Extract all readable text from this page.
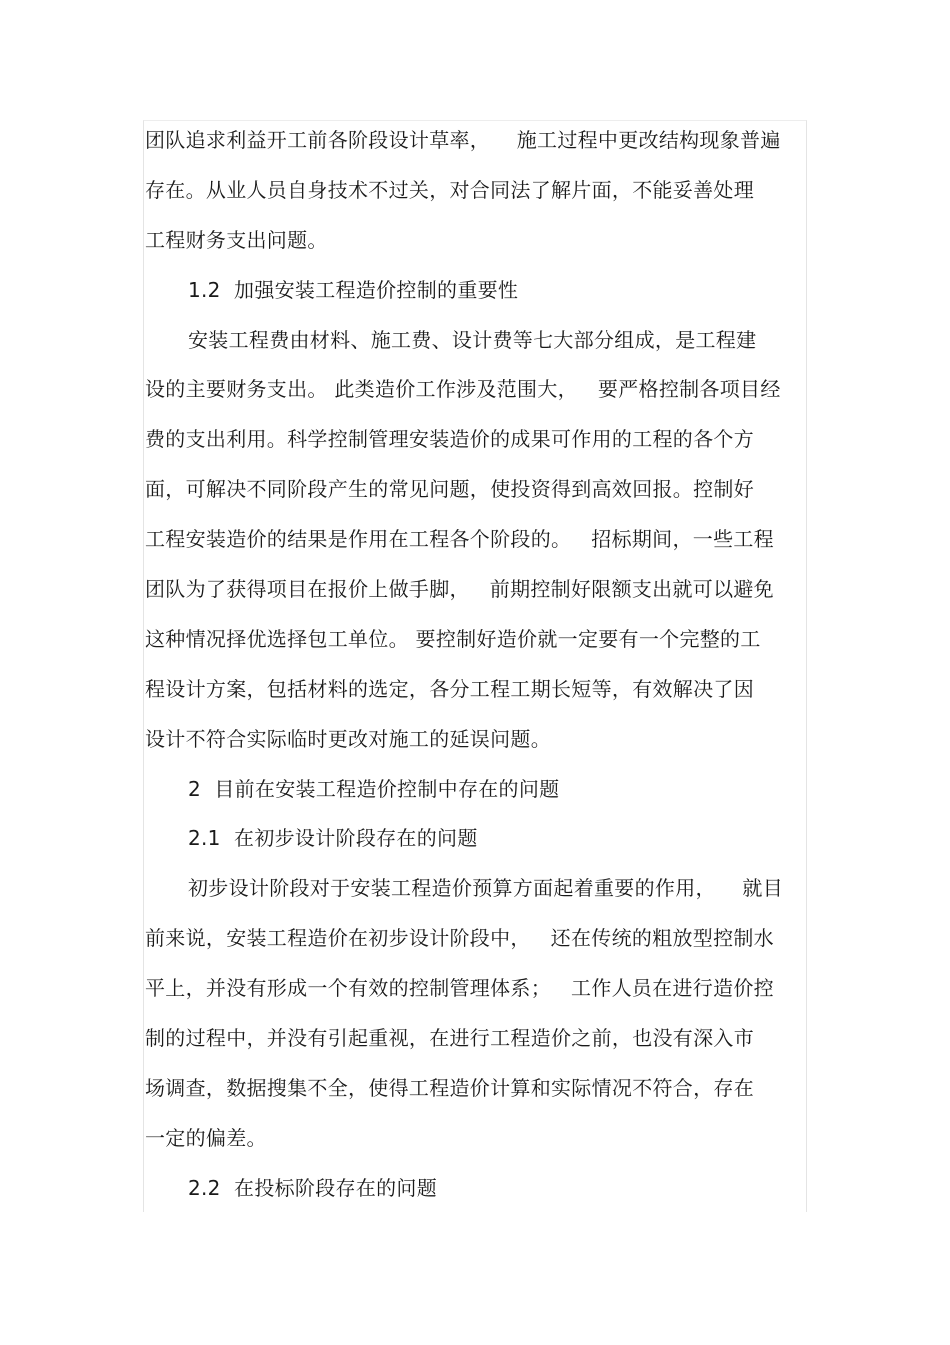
团队追求利益开工前各阶段设计草率，    施工过程中更改结构现象普遍
存在。从业人员自身技术不过关，对合同法了解片面，不能妥善处理
工程财务支出问题。
1.2  加强安装工程造价控制的重要性
安装工程费由材料、施工费、设计费等七大部分组成，是工程建
设的主要财务支出。 此类造价工作涉及范围大，   要严格控制各项目经
费的支出利用。科学控制管理安装造价的成果可作用的工程的各个方
面，可解决不同阶段产生的常见问题，使投资得到高效回报。控制好
工程安装造价的结果是作用在工程各个阶段的。   招标期间，一些工程
团队为了获得项目在报价上做手脚，   前期控制好限额支出就可以避免
这种情况择优选择包工单位。 要控制好造价就一定要有一个完整的工
程设计方案，包括材料的选定，各分工程工期长短等，有效解决了因
设计不符合实际临时更改对施工的延误问题。
2  目前在安装工程造价控制中存在的问题
2.1  在初步设计阶段存在的问题
初步设计阶段对于安装工程造价预算方面起着重要的作用，    就目
前来说，安装工程造价在初步设计阶段中，   还在传统的粗放型控制水
平上，并没有形成一个有效的控制管理体系；   工作人员在进行造价控
制的过程中，并没有引起重视，在进行工程造价之前，也没有深入市
场调查，数据搜集不全，使得工程造价计算和实际情况不符合，存在
一定的偏差。
2.2  在投标阶段存在的问题
